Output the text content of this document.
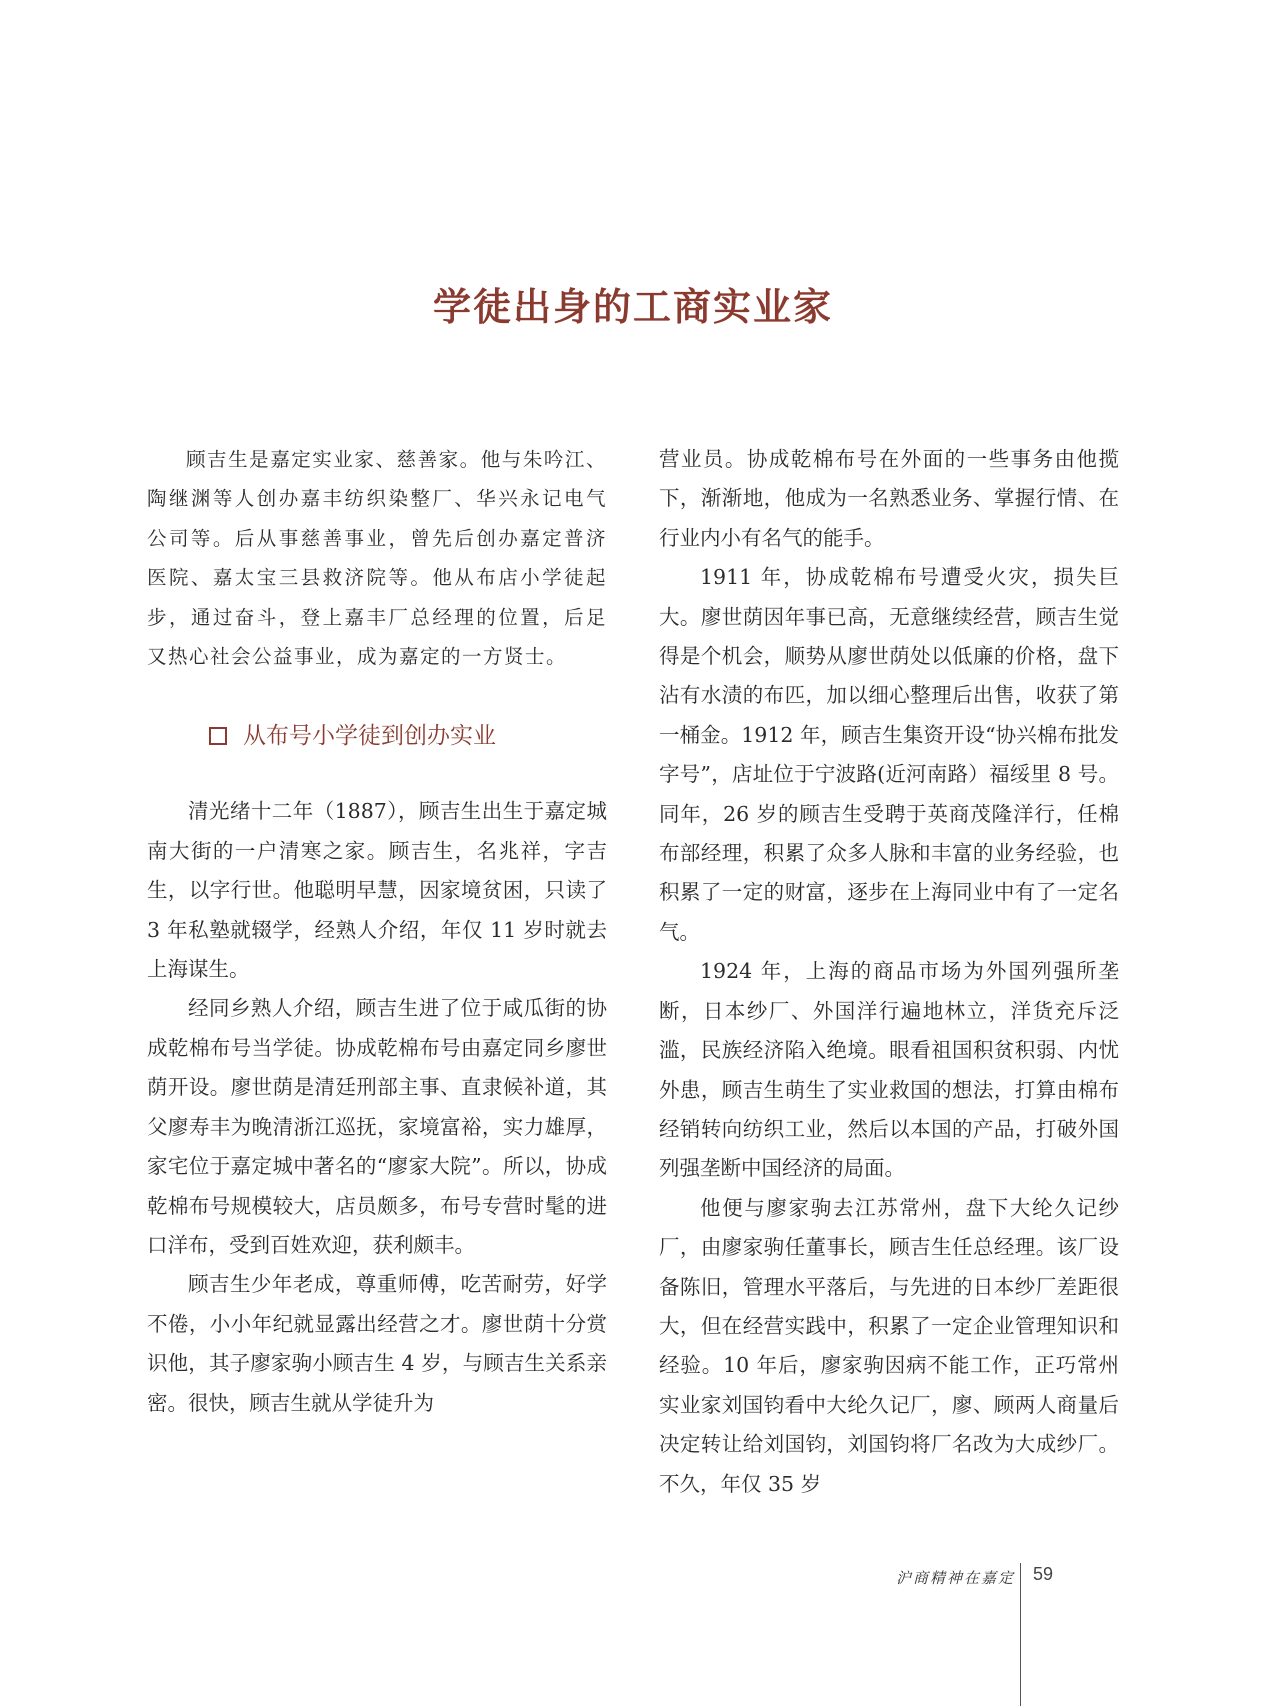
学徒出身的工商实业家

顾吉生是嘉定实业家、慈善家。他与朱吟江、陶继渊等人创办嘉丰纺织染整厂、华兴永记电气公司等。后从事慈善事业，曾先后创办嘉定普济医院、嘉太宝三县救济院等。他从布店小学徒起步，通过奋斗，登上嘉丰厂总经理的位置，后足又热心社会公益事业，成为嘉定的一方贤士。

从布号小学徒到创办实业

清光绪十二年（1887），顾吉生出生于嘉定城南大街的一户清寒之家。顾吉生，名兆祥，字吉生，以字行世。他聪明早慧，因家境贫困，只读了 3 年私塾就辍学，经熟人介绍，年仅 11 岁时就去上海谋生。

经同乡熟人介绍，顾吉生进了位于咸瓜街的协成乾棉布号当学徒。协成乾棉布号由嘉定同乡廖世荫开设。廖世荫是清廷刑部主事、直隶候补道，其父廖寿丰为晚清浙江巡抚，家境富裕，实力雄厚，家宅位于嘉定城中著名的“廖家大院”。所以，协成乾棉布号规模较大，店员颇多，布号专营时髦的进口洋布，受到百姓欢迎，获利颇丰。

顾吉生少年老成，尊重师傅，吃苦耐劳，好学不倦，小小年纪就显露出经营之才。廖世荫十分赏识他，其子廖家驹小顾吉生 4 岁，与顾吉生关系亲密。很快，顾吉生就从学徒升为

营业员。协成乾棉布号在外面的一些事务由他揽下，渐渐地，他成为一名熟悉业务、掌握行情、在行业内小有名气的能手。

1911 年，协成乾棉布号遭受火灾，损失巨大。廖世荫因年事已高，无意继续经营，顾吉生觉得是个机会，顺势从廖世荫处以低廉的价格，盘下沾有水渍的布匹，加以细心整理后出售，收获了第一桶金。1912 年，顾吉生集资开设“协兴棉布批发字号”，店址位于宁波路(近河南路）福绥里 8 号。同年，26 岁的顾吉生受聘于英商茂隆洋行，任棉布部经理，积累了众多人脉和丰富的业务经验，也积累了一定的财富，逐步在上海同业中有了一定名气。

1924 年，上海的商品市场为外国列强所垄断，日本纱厂、外国洋行遍地林立，洋货充斥泛滥，民族经济陷入绝境。眼看祖国积贫积弱、内忧外患，顾吉生萌生了实业救国的想法，打算由棉布经销转向纺织工业，然后以本国的产品，打破外国列强垄断中国经济的局面。

他便与廖家驹去江苏常州，盘下大纶久记纱厂，由廖家驹任董事长，顾吉生任总经理。该厂设备陈旧，管理水平落后，与先进的日本纱厂差距很大，但在经营实践中，积累了一定企业管理知识和经验。10 年后，廖家驹因病不能工作，正巧常州实业家刘国钧看中大纶久记厂，廖、顾两人商量后决定转让给刘国钧，刘国钧将厂名改为大成纱厂。不久，年仅 35 岁

沪商精神在嘉定 59
